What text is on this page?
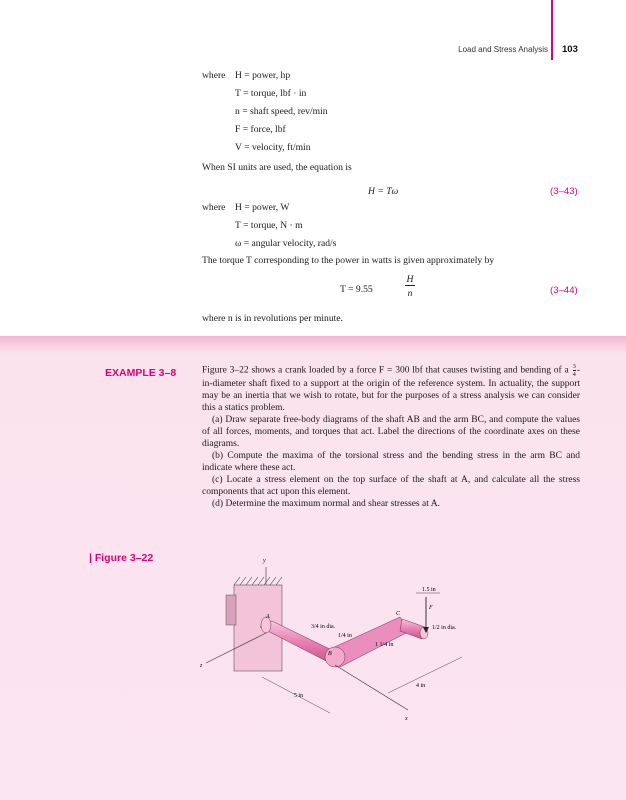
Load and Stress Analysis 103
where H = power, hp
T = torque, lbf · in
n = shaft speed, rev/min
F = force, lbf
V = velocity, ft/min
When SI units are used, the equation is
H = Tω	(3–43)
where H = power, W
T = torque, N · m
ω = angular velocity, rad/s
The torque T corresponding to the power in watts is given approximately by
T = 9.55
H
n	(3–44)
where n is in revolutions per minute.
EXAMPLE 3–8	Figure 3–22 shows a crank loaded by a force F = 300 lbf that causes twisting and bending of a $\frac{3}{4}$ -in-diameter shaft fixed to a support at the origin of the reference system. In actuality, the support may be an inertia that we wish to rotate, but for the purposes of a stress analysis we can consider this a statics problem.

(a) Draw separate free-body diagrams of the shaft AB and the arm BC, and compute the values of all forces, moments, and torques that act. Label the directions of the coordinate axes on these diagrams.

(b) Compute the maxima of the torsional stress and the bending stress in the arm BC and indicate where these act.

(c) Locate a stress element on the top surface of the shaft at A, and calculate all the stress components that act upon this element.

(d) Determine the maximum normal and shear stresses at A.

| Figure 3–22	y
z
x
F
A
B
C
3/4 in dia.	1/2 in dia.
1/4 in
1 1/4 in
1.5 in
4 in
5 in
